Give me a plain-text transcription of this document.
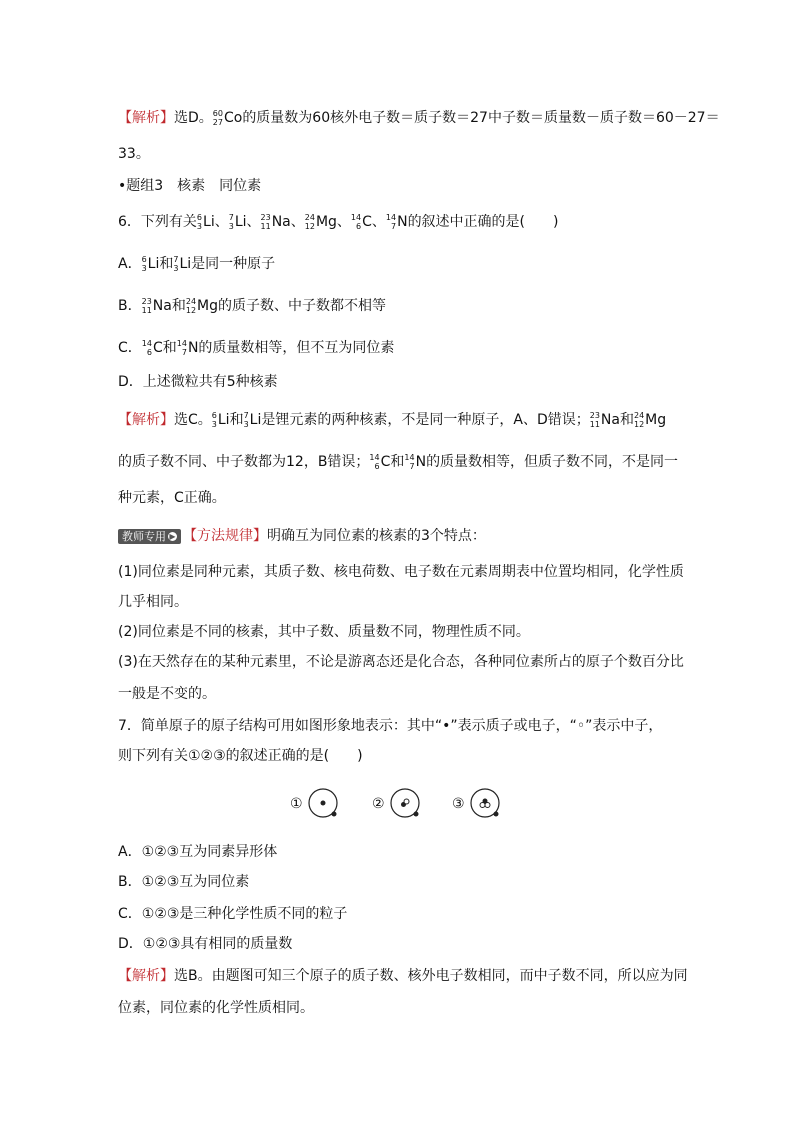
【解析】选D。 60
27 Co的质量数为60核外电子数＝质子数＝27中子数＝质量数－质子数＝60－27＝
33。
•题组3　核素　同位素
6．下列有关 6
3 Li、 7
3 Li、 23
11 Na、 24
12 Mg、 14
6 C、 14
7 N的叙述中正确的是(　　)
A． 6
3 Li和 7
3 Li是同一种原子
B． 23
11 Na和 24
12 Mg的质子数、中子数都不相等
C． 14
6 C和 14
7 N的质量数相等，但不互为同位素
D．上述微粒共有5种核素
【解析】选C。 6
3 Li和 7
3 Li是锂元素的两种核素，不是同一种原子，A、D错误； 23
11 Na和 24
12 Mg
的质子数不同、中子数都为12，B错误； 14
6 C和 14
7 N的质量数相等，但质子数不同，不是同一
种元素，C正确。
教师专用 ▶ 【方法规律】明确互为同位素的核素的3个特点：
(1)同位素是同种元素，其质子数、核电荷数、电子数在元素周期表中位置均相同，化学性质
几乎相同。
(2)同位素是不同的核素，其中子数、质量数不同，物理性质不同。
(3)在天然存在的某种元素里，不论是游离态还是化合态，各种同位素所占的原子个数百分比
一般是不变的。
7．简单原子的原子结构可用如图形象地表示：其中“•”表示质子或电子，“◦”表示中子，
则下列有关①②③的叙述正确的是(　　)
①	②	③
A．①②③互为同素异形体
B．①②③互为同位素
C．①②③是三种化学性质不同的粒子
D．①②③具有相同的质量数
【解析】选B。由题图可知三个原子的质子数、核外电子数相同，而中子数不同，所以应为同
位素，同位素的化学性质相同。
